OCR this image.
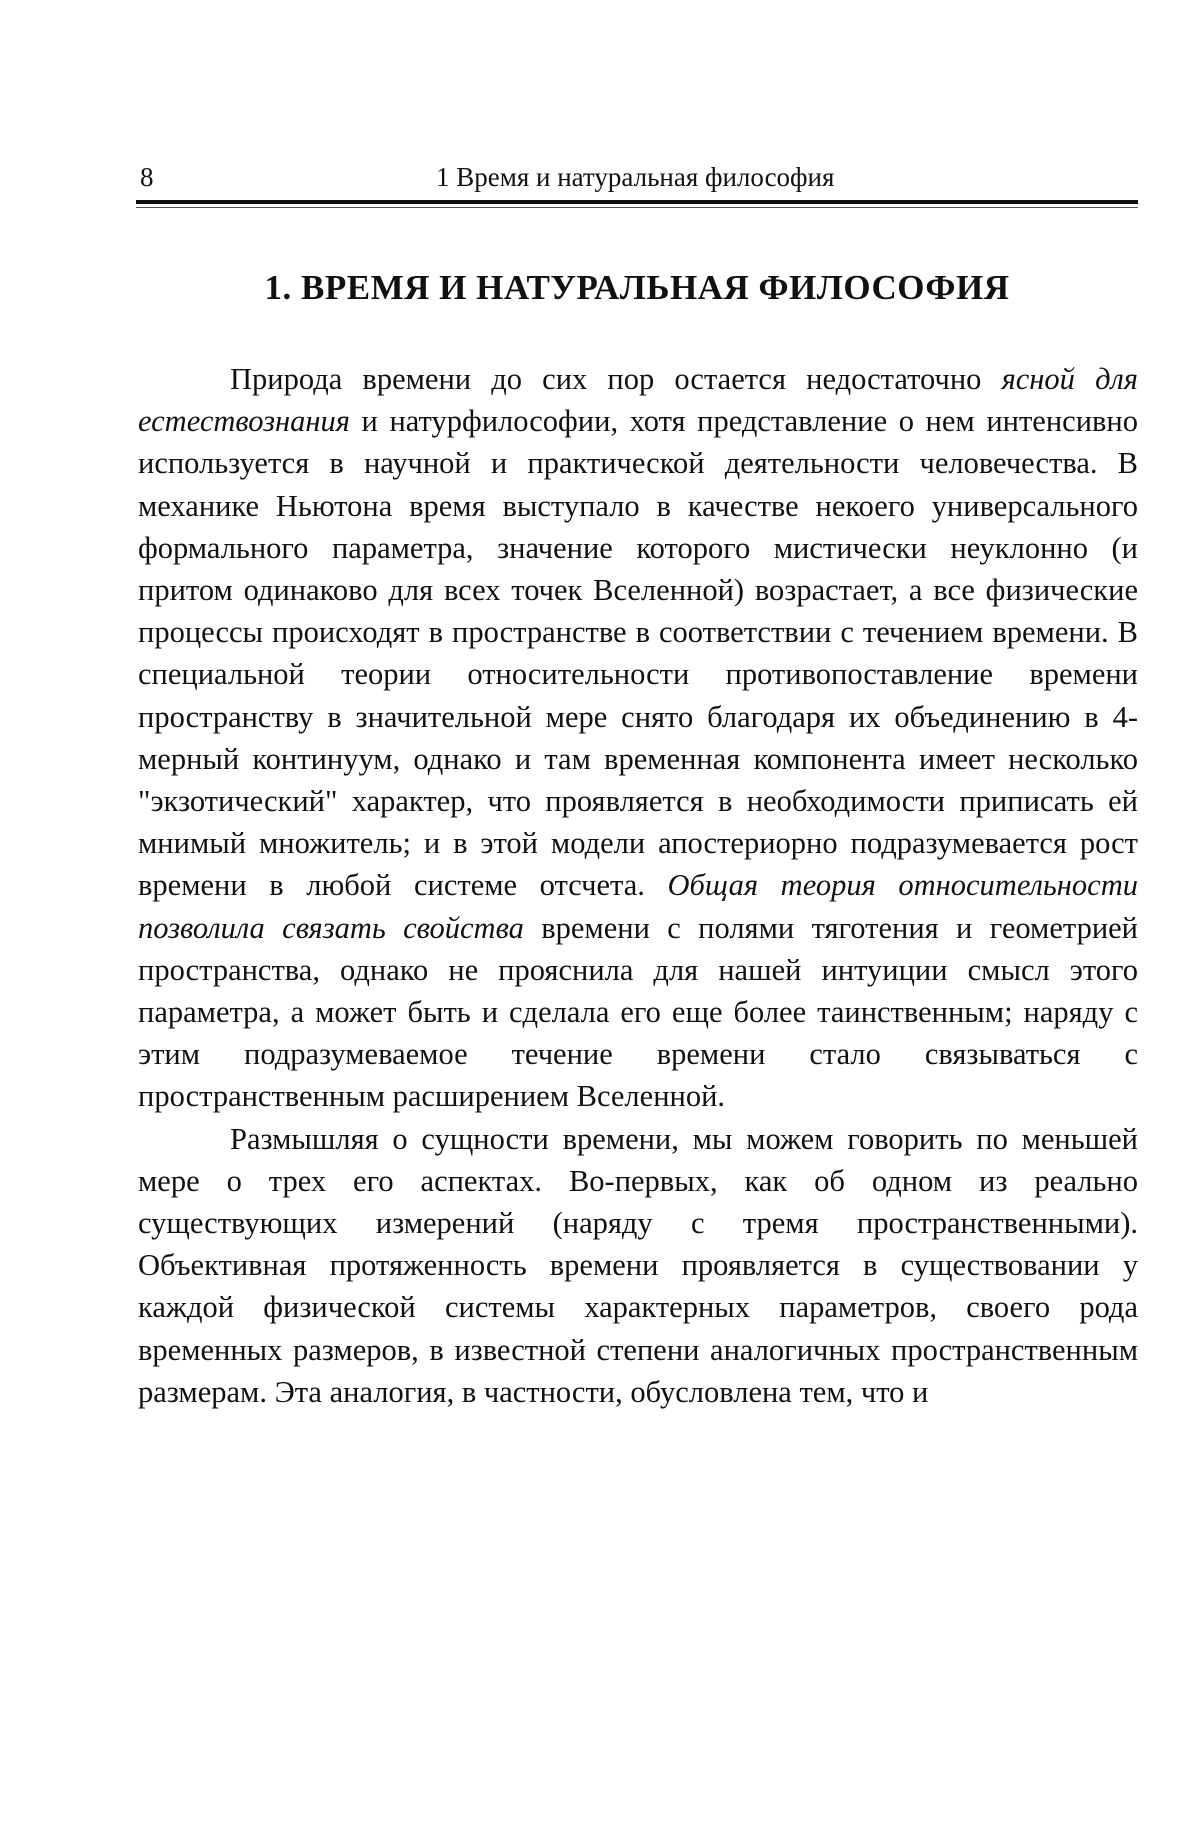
8	1 Время и натуральная философия
1. ВРЕМЯ И НАТУРАЛЬНАЯ ФИЛОСОФИЯ

Природа времени до сих пор остается недостаточно ясной для естествознания и натурфилософии, хотя представление о нем интенсивно используется в научной и практической деятельности человечества. В механике Ньютона время выступало в качестве некоего универсального формального параметра, значение которого мистически неуклонно (и притом одинаково для всех точек Вселенной) возрастает, а все физические процессы происходят в пространстве в соответствии с течением времени. В специальной теории относительности противопоставление времени пространству в значительной мере снято благодаря их объединению в 4-мерный континуум, однако и там временная компонента имеет несколько "экзотический" характер, что проявляется в необходимости приписать ей мнимый множитель; и в этой модели апостериорно подразумевается рост времени в любой системе отсчета. Общая теория относительности позволила связать свойства времени с полями тяготения и геометрией пространства, однако не прояснила для нашей интуиции смысл этого параметра, а может быть и сделала его еще более таинственным; наряду с этим подразумеваемое течение времени стало связываться с пространственным расширением Вселенной.

Размышляя о сущности времени, мы можем говорить по меньшей мере о трех его аспектах. Во-первых, как об одном из реально существующих измерений (наряду с тремя пространственными). Объективная протяженность времени проявляется в существовании у каждой физической системы характерных параметров, своего рода временных размеров, в известной степени аналогичных пространственным размерам. Эта аналогия, в частности, обусловлена тем, что и
